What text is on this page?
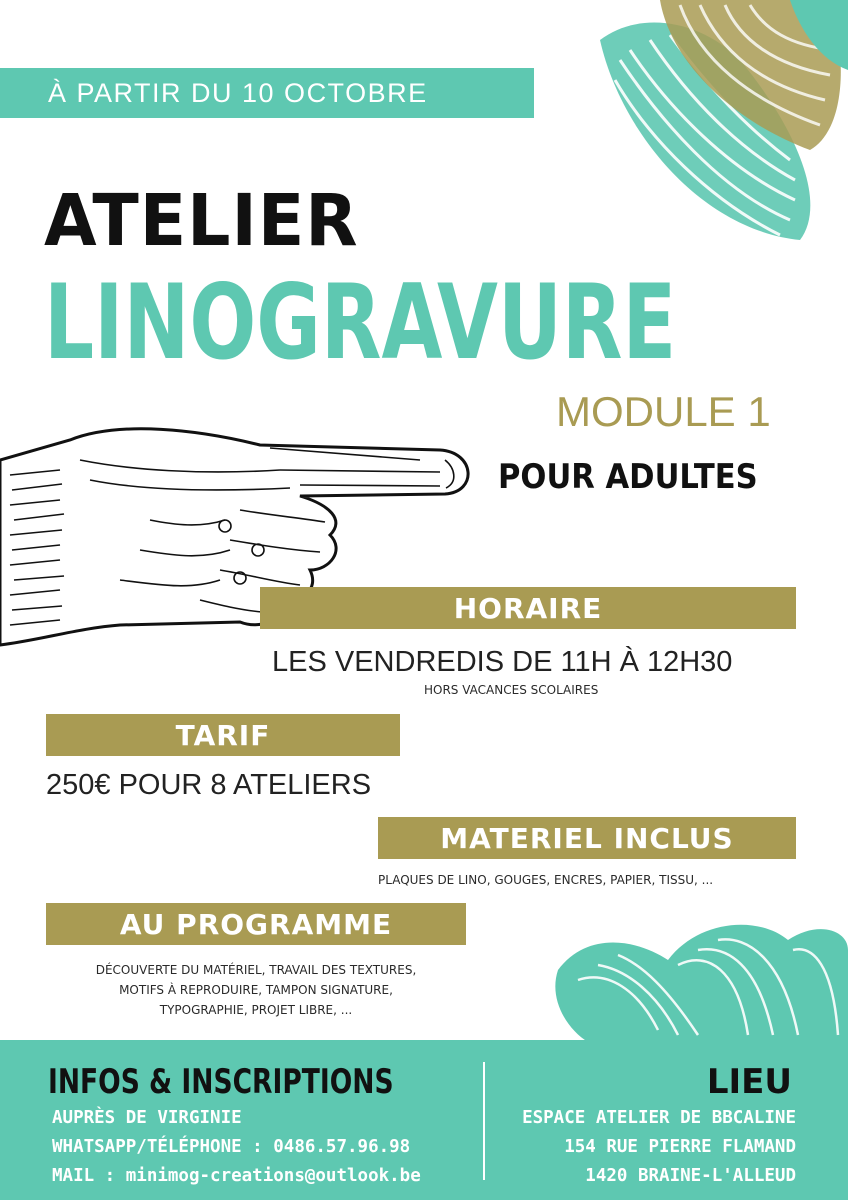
À PARTIR DU 10 OCTOBRE
ATELIER
LINOGRAVURE
MODULE 1
POUR ADULTES
HORAIRE
LES VENDREDIS DE 11H À 12H30
HORS VACANCES SCOLAIRES
TARIF
250€ POUR 8 ATELIERS
MATERIEL INCLUS
PLAQUES DE LINO, GOUGES, ENCRES, PAPIER, TISSU, ...
AU PROGRAMME
DÉCOUVERTE DU MATÉRIEL, TRAVAIL DES TEXTURES,
MOTIFS À REPRODUIRE, TAMPON SIGNATURE,
TYPOGRAPHIE, PROJET LIBRE, ...
INFOS & INSCRIPTIONS
AUPRÈS DE VIRGINIE
WHATSAPP/TÉLÉPHONE : 0486.57.96.98
MAIL : minimog-creations@outlook.be
LIEU
ESPACE ATELIER DE BBCALINE
154 RUE PIERRE FLAMAND
1420 BRAINE-L'ALLEUD
